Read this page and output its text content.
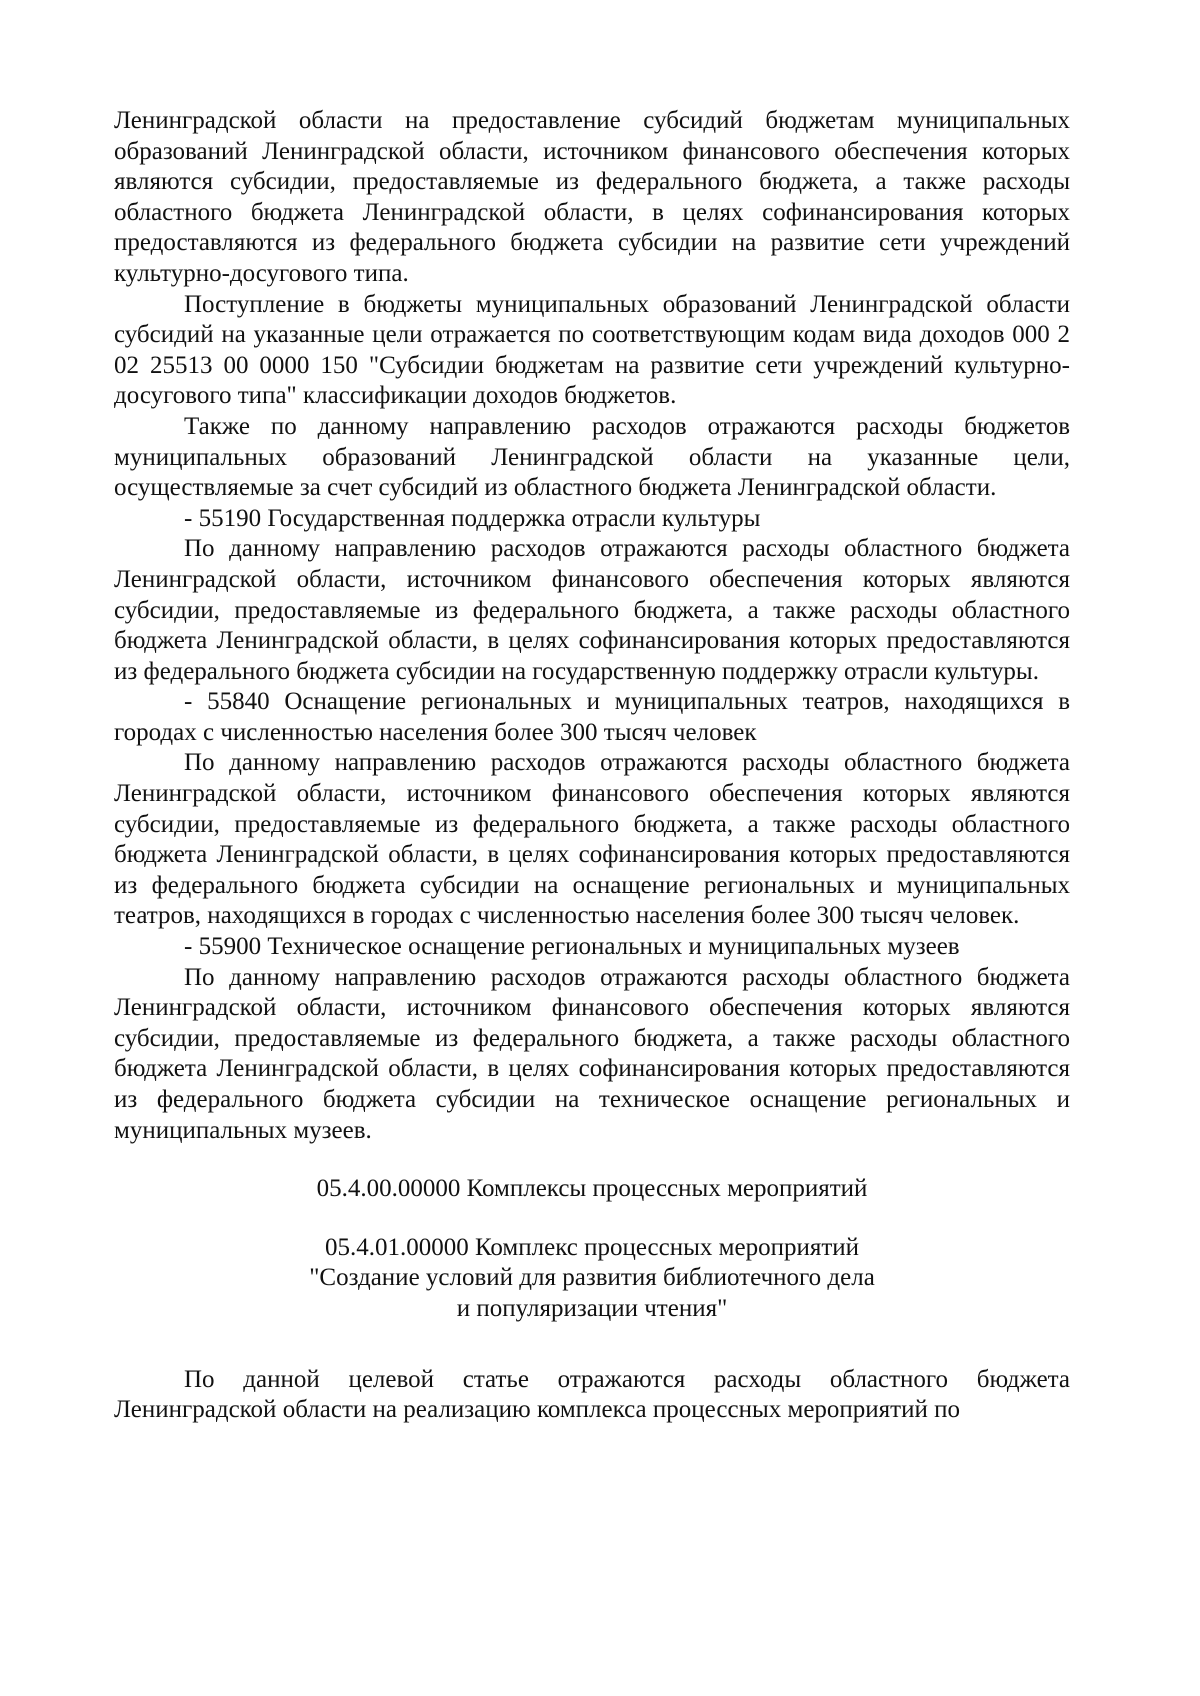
Ленинградской области на предоставление субсидий бюджетам муниципальных образований Ленинградской области, источником финансового обеспечения которых являются субсидии, предоставляемые из федерального бюджета, а также расходы областного бюджета Ленинградской области, в целях софинансирования которых предоставляются из федерального бюджета субсидии на развитие сети учреждений культурно-досугового типа.

Поступление в бюджеты муниципальных образований Ленинградской области субсидий на указанные цели отражается по соответствующим кодам вида доходов 000 2 02 25513 00 0000 150 "Субсидии бюджетам на развитие сети учреждений культурно-досугового типа" классификации доходов бюджетов.

Также по данному направлению расходов отражаются расходы бюджетов муниципальных образований Ленинградской области на указанные цели, осуществляемые за счет субсидий из областного бюджета Ленинградской области.

- 55190 Государственная поддержка отрасли культуры

По данному направлению расходов отражаются расходы областного бюджета Ленинградской области, источником финансового обеспечения которых являются субсидии, предоставляемые из федерального бюджета, а также расходы областного бюджета Ленинградской области, в целях софинансирования которых предоставляются из федерального бюджета субсидии на государственную поддержку отрасли культуры.

- 55840 Оснащение региональных и муниципальных театров, находящихся в городах с численностью населения более 300 тысяч человек

По данному направлению расходов отражаются расходы областного бюджета Ленинградской области, источником финансового обеспечения которых являются субсидии, предоставляемые из федерального бюджета, а также расходы областного бюджета Ленинградской области, в целях софинансирования которых предоставляются из федерального бюджета субсидии на оснащение региональных и муниципальных театров, находящихся в городах с численностью населения более 300 тысяч человек.

- 55900 Техническое оснащение региональных и муниципальных музеев

По данному направлению расходов отражаются расходы областного бюджета Ленинградской области, источником финансового обеспечения которых являются субсидии, предоставляемые из федерального бюджета, а также расходы областного бюджета Ленинградской области, в целях софинансирования которых предоставляются из федерального бюджета субсидии на техническое оснащение региональных и муниципальных музеев.

05.4.00.00000 Комплексы процессных мероприятий

05.4.01.00000 Комплекс процессных мероприятий
"Создание условий для развития библиотечного дела
и популяризации чтения"

По данной целевой статье отражаются расходы областного бюджета Ленинградской области на реализацию комплекса процессных мероприятий по
